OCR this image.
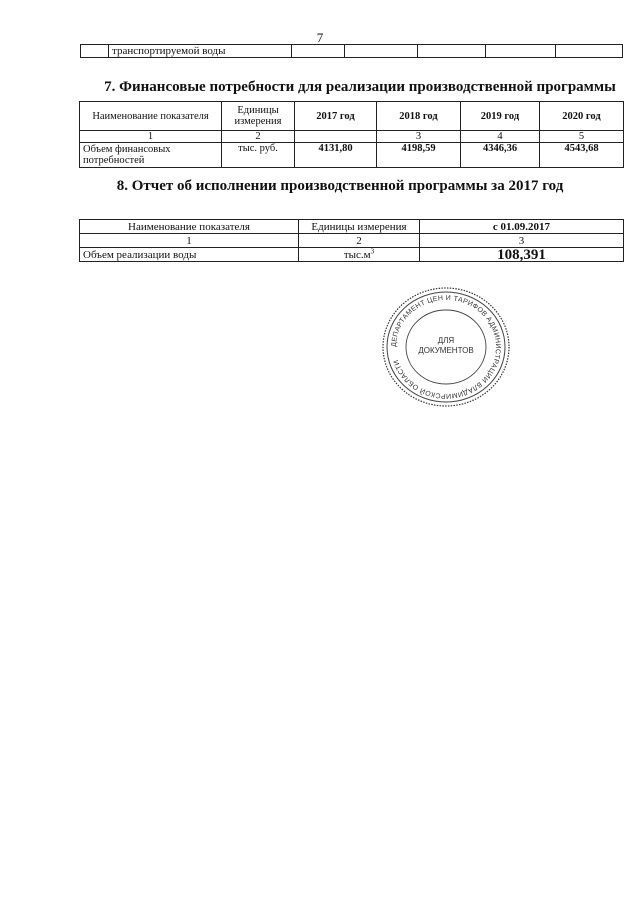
7
	транспортируемой воды					
7. Финансовые потребности для реализации производственной программы
Наименование показателя	Единицы измерения	2017 год	2018 год	2019 год	2020 год
1	2		3	4	5
Объем финансовых потребностей	тыс. руб.	4131,80	4198,59	4346,36	4543,68
8. Отчет об исполнении производственной программы за 2017 год
Наименование показателя	Единицы измерения	с 01.09.2017
1	2	3
Объем реализации воды	$тыс.м^3$	108,391
ДЕПАРТАМЕНТ ЦЕН И ТАРИФОВ АДМИНИСТРАЦИИ ВЛАДИМИРСКОЙ ОБЛАСТИ
ДЛЯ
ДОКУМЕНТОВ
